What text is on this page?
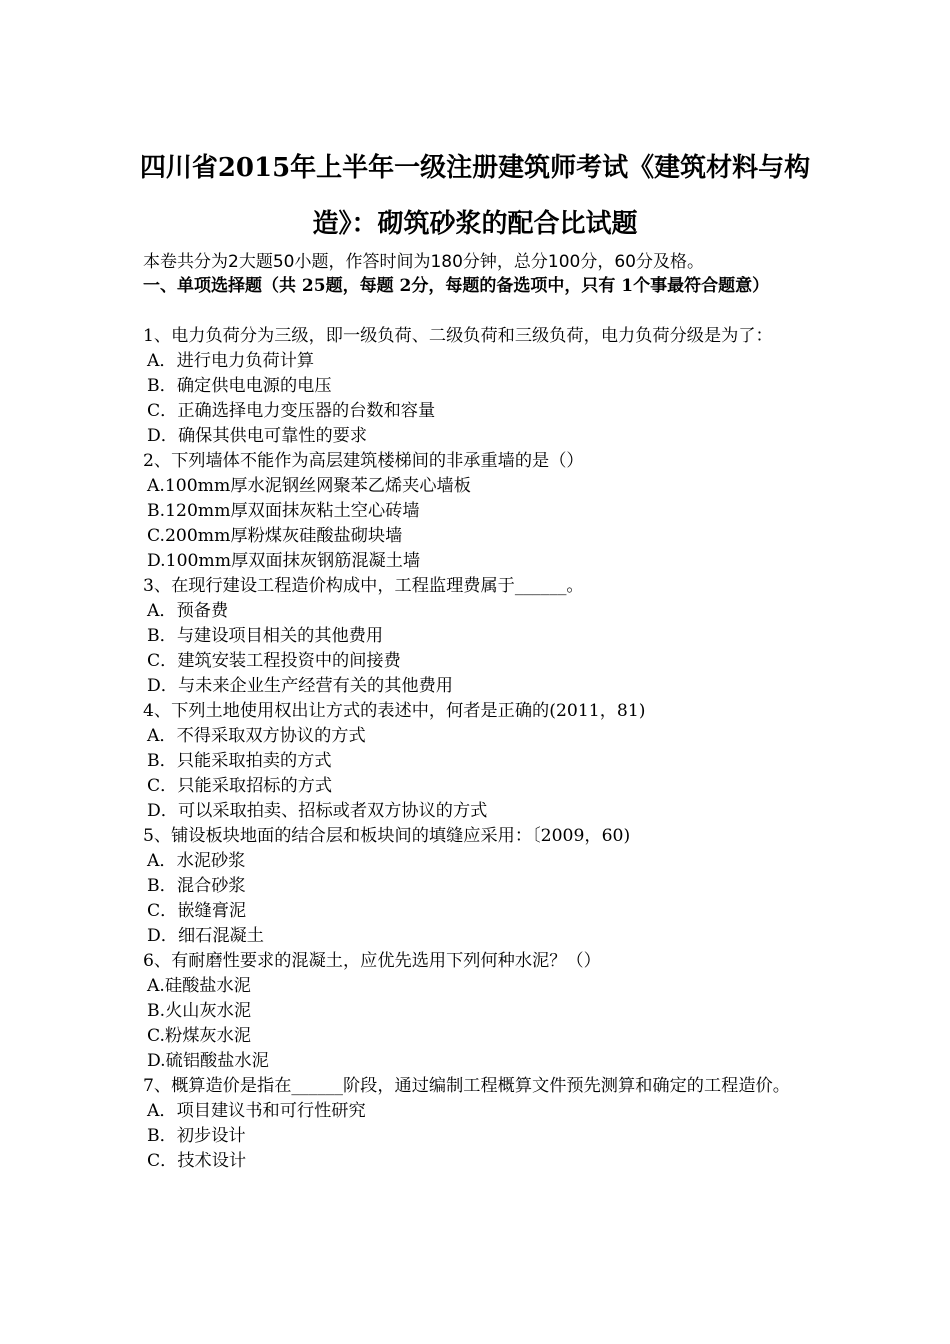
四川省2015年上半年一级注册建筑师考试《建筑材料与构造》：砌筑砂浆的配合比试题
本卷共分为2大题50小题，作答时间为180分钟，总分100分，60分及格。
一、单项选择题（共 25题，每题 2分，每题的备选项中，只有 1个事最符合题意）
1、电力负荷分为三级，即一级负荷、二级负荷和三级负荷，电力负荷分级是为了：
A．进行电力负荷计算
B．确定供电电源的电压
C．正确选择电力变压器的台数和容量
D．确保其供电可靠性的要求
2、下列墙体不能作为高层建筑楼梯间的非承重墙的是（）
A.100mm厚水泥钢丝网聚苯乙烯夹心墙板
B.120mm厚双面抹灰粘土空心砖墙
C.200mm厚粉煤灰硅酸盐砌块墙
D.100mm厚双面抹灰钢筋混凝土墙
3、在现行建设工程造价构成中，工程监理费属于______。
A．预备费
B．与建设项目相关的其他费用
C．建筑安装工程投资中的间接费
D．与未来企业生产经营有关的其他费用
4、下列土地使用权出让方式的表述中，何者是正确的(2011，81)
A．不得采取双方协议的方式
B．只能采取拍卖的方式
C．只能采取招标的方式
D．可以采取拍卖、招标或者双方协议的方式
5、铺设板块地面的结合层和板块间的填缝应采用：〔2009，60)
A．水泥砂浆
B．混合砂浆
C．嵌缝膏泥
D．细石混凝土
6、有耐磨性要求的混凝土，应优先选用下列何种水泥？（）
A.硅酸盐水泥
B.火山灰水泥
C.粉煤灰水泥
D.硫铝酸盐水泥
7、概算造价是指在______阶段，通过编制工程概算文件预先测算和确定的工程造价。
A．项目建议书和可行性研究
B．初步设计
C．技术设计
